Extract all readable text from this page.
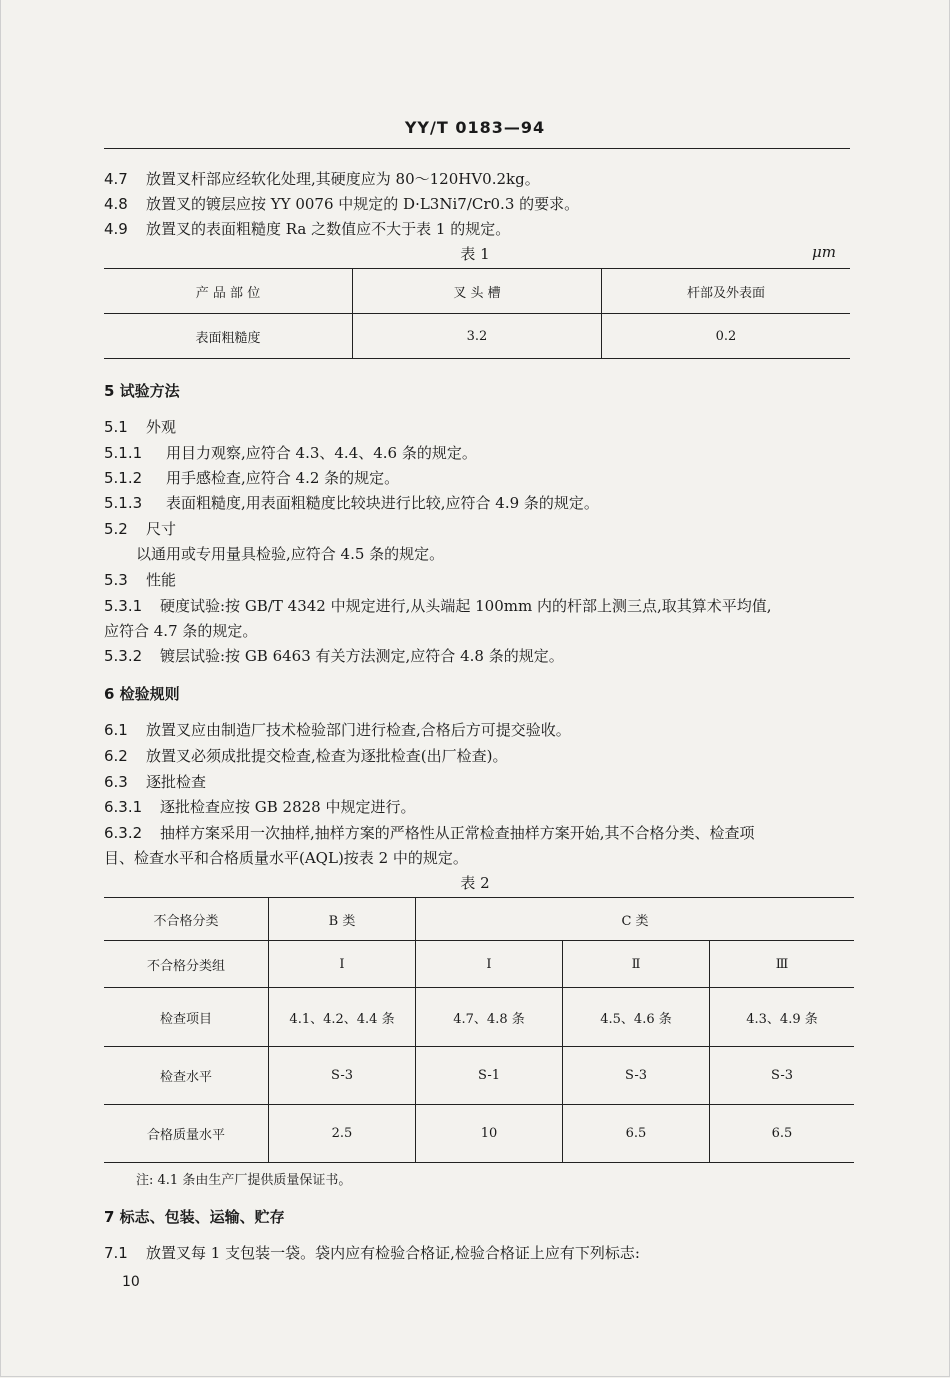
YY/T 0183—94
4.7 放置叉杆部应经软化处理,其硬度应为 80～120HV0.2kg。
4.8 放置叉的镀层应按 YY 0076 中规定的 D·L3Ni7/Cr0.3 的要求。
4.9 放置叉的表面粗糙度 Ra 之数值应不大于表 1 的规定。
表 1	μm
产 品 部 位	叉 头 槽	杆部及外表面
表面粗糙度	3.2	0.2
5 试验方法
5.1 外观
5.1.1 用目力观察,应符合 4.3、4.4、4.6 条的规定。
5.1.2 用手感检查,应符合 4.2 条的规定。
5.1.3 表面粗糙度,用表面粗糙度比较块进行比较,应符合 4.9 条的规定。
5.2 尺寸
以通用或专用量具检验,应符合 4.5 条的规定。
5.3 性能
5.3.1 硬度试验:按 GB/T 4342 中规定进行,从头端起 100mm 内的杆部上测三点,取其算术平均值,
应符合 4.7 条的规定。
5.3.2 镀层试验:按 GB 6463 有关方法测定,应符合 4.8 条的规定。
6 检验规则
6.1 放置叉应由制造厂技术检验部门进行检查,合格后方可提交验收。
6.2 放置叉必须成批提交检查,检查为逐批检查(出厂检查)。
6.3 逐批检查
6.3.1 逐批检查应按 GB 2828 中规定进行。
6.3.2 抽样方案采用一次抽样,抽样方案的严格性从正常检查抽样方案开始,其不合格分类、检查项
目、检查水平和合格质量水平(AQL)按表 2 中的规定。
表 2
不合格分类	B 类	C 类		
不合格分类组	I	I	Ⅱ	Ⅲ
检查项目	4.1、4.2、4.4 条	4.7、4.8 条	4.5、4.6 条	4.3、4.9 条
检查水平	S-3	S-1	S-3	S-3
合格质量水平	2.5	10	6.5	6.5
注: 4.1 条由生产厂提供质量保证书。
7 标志、包装、运输、贮存
7.1 放置叉每 1 支包装一袋。袋内应有检验合格证,检验合格证上应有下列标志:
10
